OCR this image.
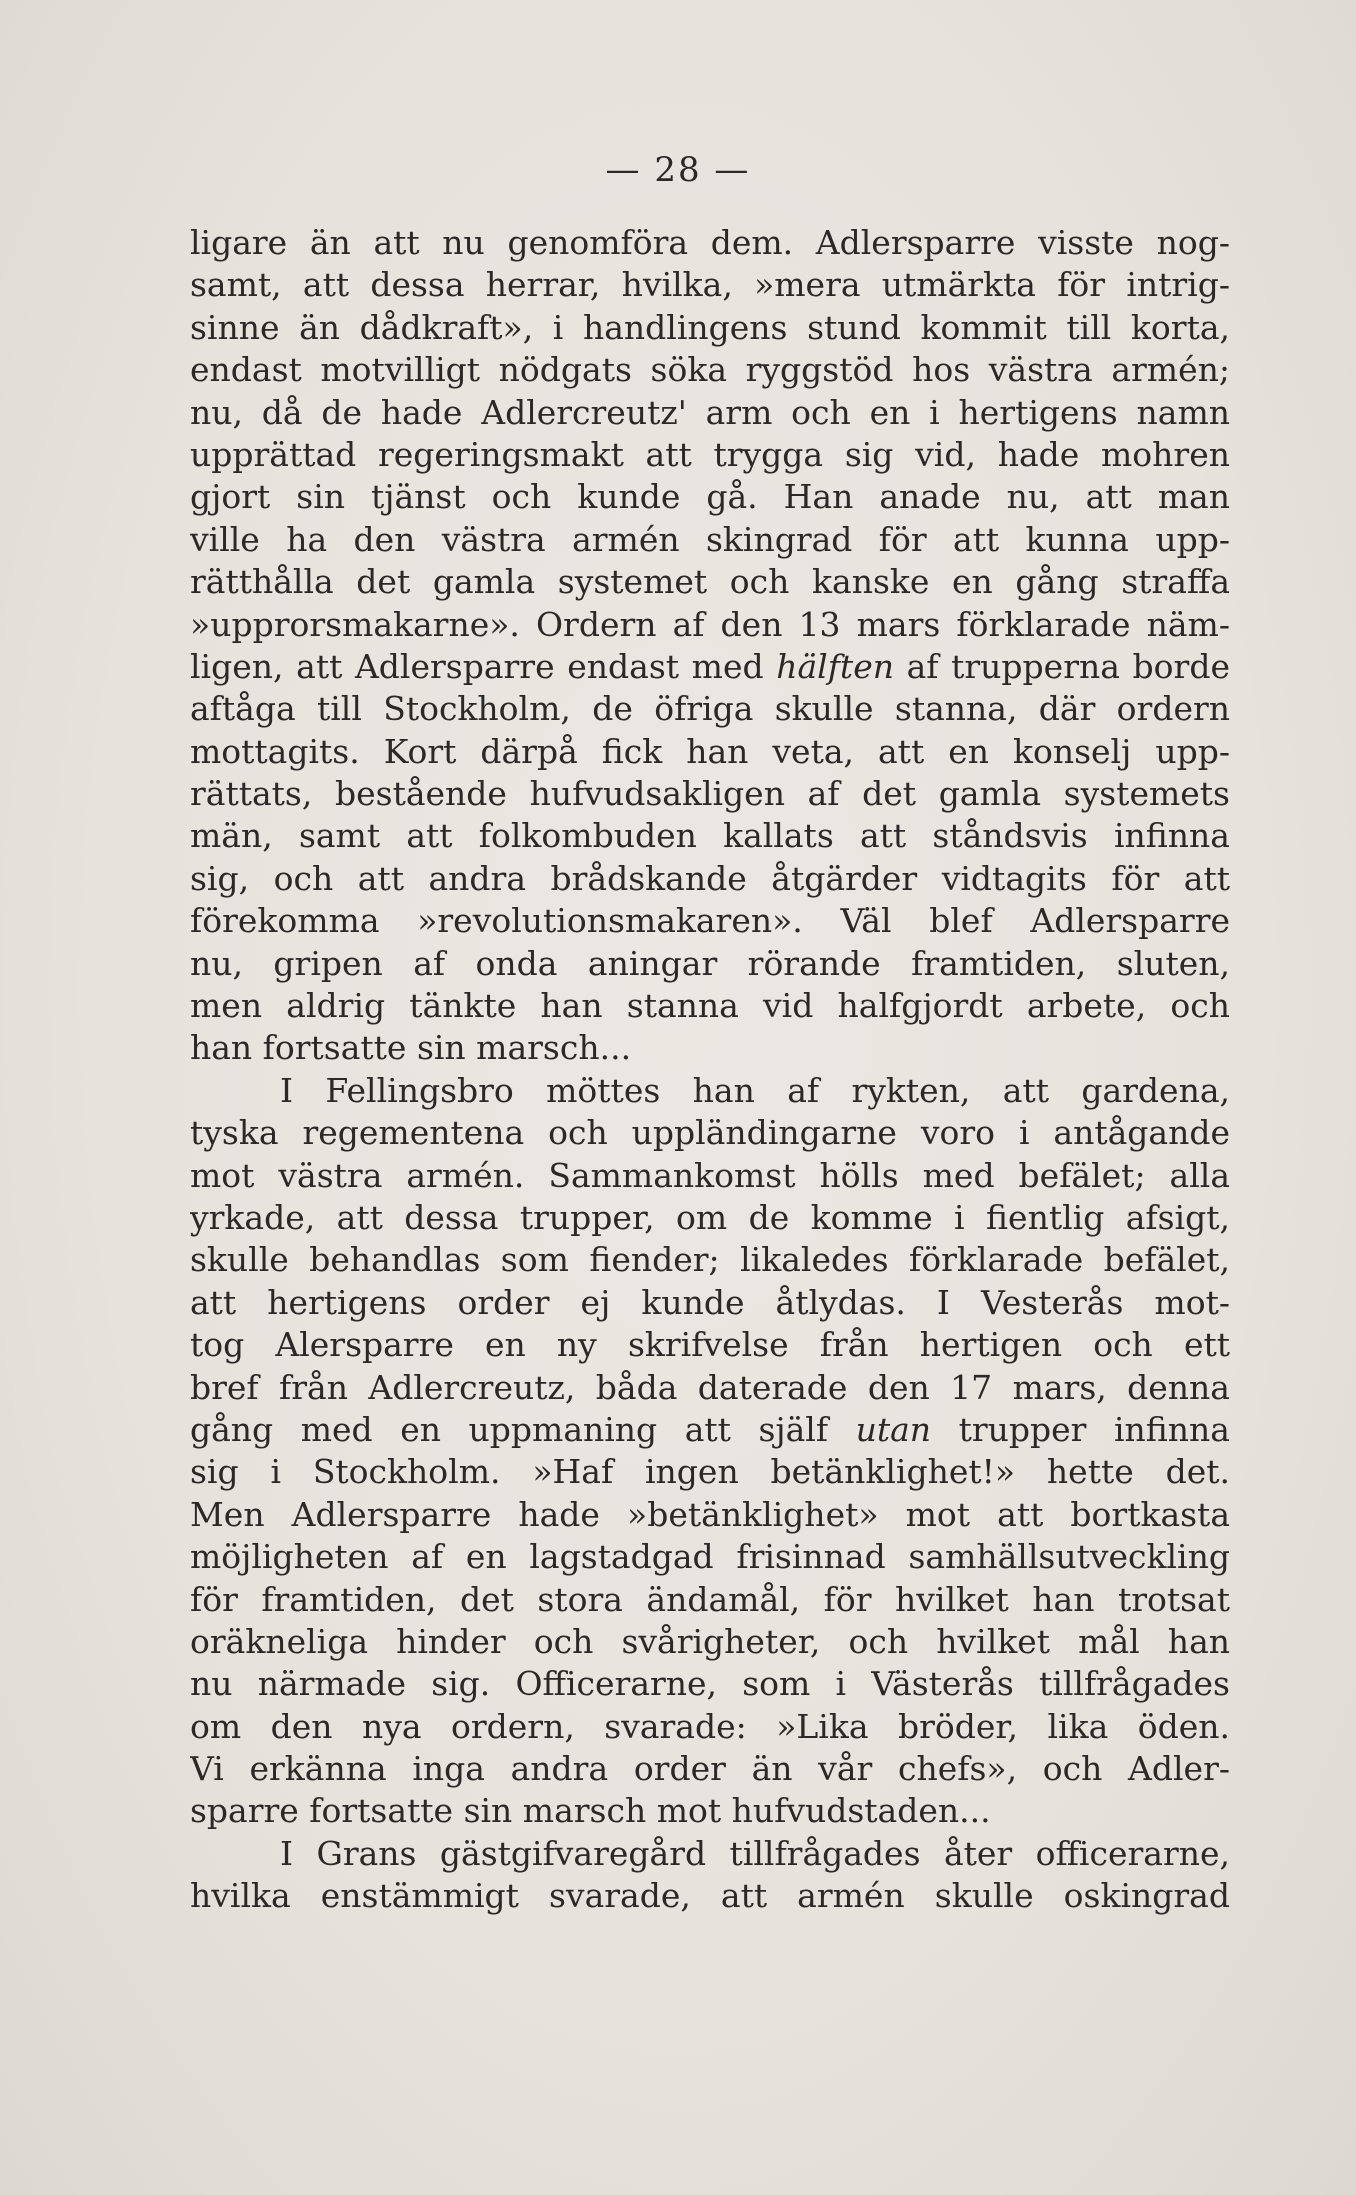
— 28 —
ligare än att nu genomföra dem. Adlersparre visste nog-
samt, att dessa herrar, hvilka, »mera utmärkta för intrig-
sinne än dådkraft», i handlingens stund kommit till korta,
endast motvilligt nödgats söka ryggstöd hos västra armén;
nu, då de hade Adlercreutz' arm och en i hertigens namn
upprättad regeringsmakt att trygga sig vid, hade mohren
gjort sin tjänst och kunde gå. Han anade nu, att man
ville ha den västra armén skingrad för att kunna upp-
rätthålla det gamla systemet och kanske en gång straffa
»upprorsmakarne». Ordern af den 13 mars förklarade näm-
ligen, att Adlersparre endast med hälften af trupperna borde
aftåga till Stockholm, de öfriga skulle stanna, där ordern
mottagits. Kort därpå fick han veta, att en konselj upp-
rättats, bestående hufvudsakligen af det gamla systemets
män, samt att folkombuden kallats att ståndsvis infinna
sig, och att andra brådskande åtgärder vidtagits för att
förekomma »revolutionsmakaren». Väl blef Adlersparre
nu, gripen af onda aningar rörande framtiden, sluten,
men aldrig tänkte han stanna vid halfgjordt arbete, och
han fortsatte sin marsch...
I Fellingsbro möttes han af rykten, att gardena,
tyska regementena och uppländingarne voro i antågande
mot västra armén. Sammankomst hölls med befälet; alla
yrkade, att dessa trupper, om de komme i fientlig afsigt,
skulle behandlas som fiender; likaledes förklarade befälet,
att hertigens order ej kunde åtlydas. I Vesterås mot-
tog Alersparre en ny skrifvelse från hertigen och ett
bref från Adlercreutz, båda daterade den 17 mars, denna
gång med en uppmaning att själf utan trupper infinna
sig i Stockholm. »Haf ingen betänklighet!» hette det.
Men Adlersparre hade »betänklighet» mot att bortkasta
möjligheten af en lagstadgad frisinnad samhällsutveckling
för framtiden, det stora ändamål, för hvilket han trotsat
oräkneliga hinder och svårigheter, och hvilket mål han
nu närmade sig. Officerarne, som i Västerås tillfrågades
om den nya ordern, svarade: »Lika bröder, lika öden.
Vi erkänna inga andra order än vår chefs», och Adler-
sparre fortsatte sin marsch mot hufvudstaden...
I Grans gästgifvaregård tillfrågades åter officerarne,
hvilka enstämmigt svarade, att armén skulle oskingrad
